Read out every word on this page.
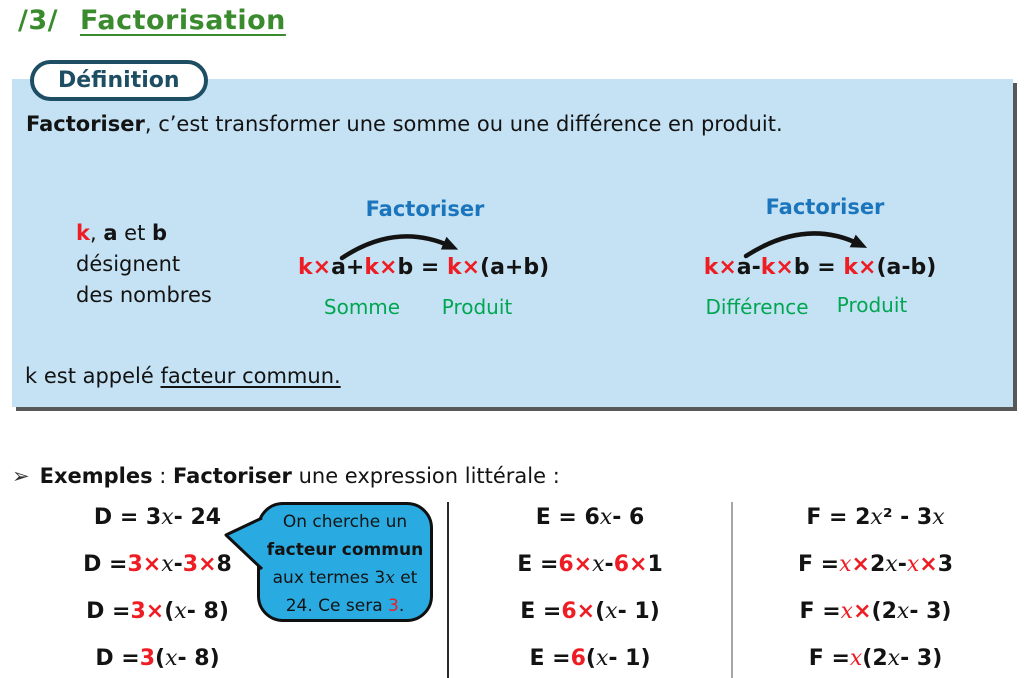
/3/ Factorisation
Définition
Factoriser, c’est transformer une somme ou une différence en produit.
k, a et b
désignent
des nombres
Factoriser
k×a+k×b = k×(a+b)
Somme Produit
Factoriser
k×a-k×b = k×(a-b)
Différence	Produit
k est appelé facteur commun.
➢ Exemples : Factoriser une expression littérale :
D = 3 x - 24
D = 3× x - 3× 8
D = 3× ( x - 8)
D = 3 ( x - 8)
E = 6 x - 6
E = 6× x - 6× 1
E = 6× ( x - 1)
E = 6 ( x - 1)
F = 2 x ² - 3 x
F = x × 2 x - x × 3
F = x × (2 x - 3)
F = x (2 x - 3)
On cherche un
facteur commun
aux termes 3x et
24. Ce sera 3.
